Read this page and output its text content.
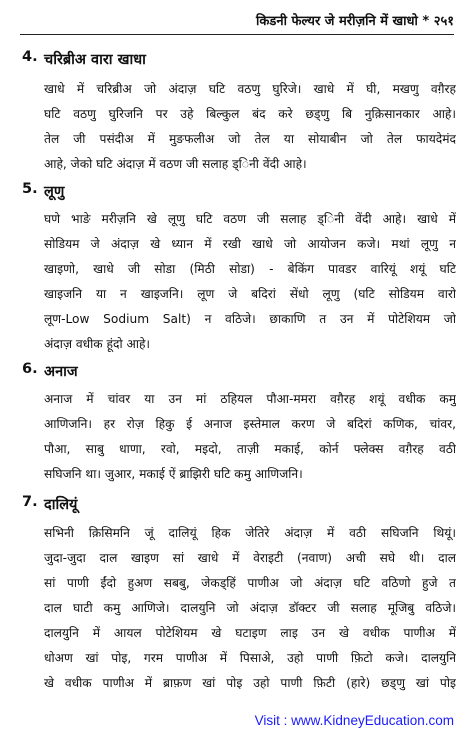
किडनी फेल्यर जे मरीज़नि में खाधो * २५१
4. चरिब्रीअ वारा खाधा
खाधे में चरिब्रीअ जो अंदाज़ घटि वठणु घुरिजे। खाधे में घी, मखणु वग़ैरह
घटि वठणु घुरिजनि पर उहे बिल्कुल बंद करे छड्‌णु बि नुक़िसानकार आहे।
तेल जी पसंदीअ में मुङफलीअ जो तेल या सोयाबीन जो तेल फायदेमंद
आहे, जेको घटि अंदाज़ में वठण जी सलाह ड्‌िनी वेंदी आहे।
5. लूणु
घणे भाङे मरीज़नि खे लूणु घटि वठण जी सलाह ड्‌िनी वेंदी आहे। खाधे में
सोडियम जे अंदाज़ खे ध्यान में रखी खाधे जो आयोजन कजे। मथां लूणु न
खाइणो, खाधे जी सोडा (मिठी सोडा) - बेकिंग पावडर वारियूं शयूं घटि
खाइजनि या न खाइजनि। लूण जे बदिरां सेंधो लूणु (घटि सोडियम वारो
लूण-Low Sodium Salt) न वठिजे। छाकाणि त उन में पोटेशियम जो
अंदाज़ वधीक हूंदो आहे।
6. अनाज
अनाज में चांवर या उन मां ठहियल पौआ-ममरा वग़ैरह शयूं वधीक कमु
आणिजनि। हर रोज़ हिकु ई अनाज इस्तेमाल करण जे बदिरां कणिक, चांवर,
पौआ, साबु धाणा, रवो, मइदो, ताज़ी मकाई, कोर्न फ्लेक्स वग़ैरह वठी
सघिजनि था। जुआर, मकाई ऐं ब्राझिरी घटि कमु आणिजनि।
7. दालियूं
सभिनी क़िसिमनि जूं दालियूं हिक जेतिरे अंदाज़ में वठी सघिजनि थियूं।
जुदा-जुदा दाल खाइण सां खाधे में वेराइटी (नवाण) अची सघे थी। दाल
सां पाणी ईंदो हुअण सबबु, जेकड्‌हिं पाणीअ जो अंदाज़ घटि वठिणो हुजे त
दाल घाटी कमु आणिजे। दालयुनि जो अंदाज़ डॉक्टर जी सलाह मूजिबु वठिजे।
दालयुनि में आयल पोटेशियम खे घटाइण लाइ उन खे वधीक पाणीअ में
धोअण खां पोइ, गरम पाणीअ में पिसाअे, उहो पाणी फ़िटो कजे। दालयुनि
खे वधीक पाणीअ में ब्राफ़ण खां पोइ उहो पाणी फ़िटी (हारे) छड्‌णु खां पोइ
Visit : www.KidneyEducation.com
